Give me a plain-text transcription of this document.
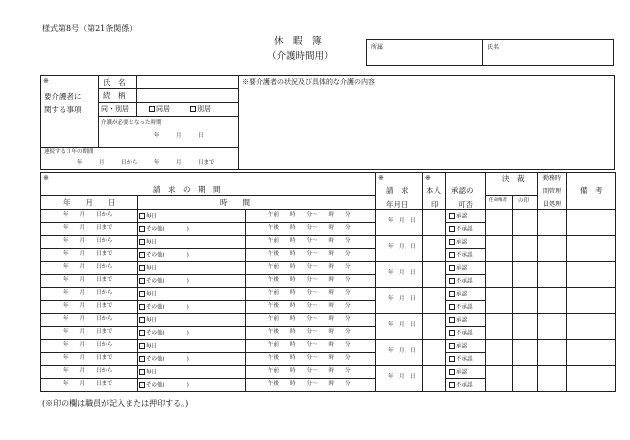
様式第8号（第21条関係）
休　暇　簿
（介護時間用）
所属	氏名
※
要介護者に
関する事項
氏　名
続　柄
同・別居	同居	別居
介護が必要となった時期
年　　　月　　　日
※要介護者の状況及び具体的な介護の内容
連続する３年の期間
年　　　月　　　日から　　　年　　　月　　　日まで
※
請　求　の　期　間			※
請　求
年月日	※
本人
印	承認の
可否	決　裁		勤務時
間管理
員処理	備　考

年　　月　　日	時　　間					任命権者	の印		

年　　月　　日から	毎日	午前　　時　　分～　　時　　分	年　月　日		承認				

年　　月　　日まで	その他(　　　　)	午後　　時　　分～　　時　　分			不承認				

年　　月　　日から	毎日	午前　　時　　分～　　時　　分	年　月　日		承認				

年　　月　　日まで	その他(　　　　)	午後　　時　　分～　　時　　分			不承認				

年　　月　　日から	毎日	午前　　時　　分～　　時　　分	年　月　日		承認				

年　　月　　日まで	その他(　　　　)	午後　　時　　分～　　時　　分			不承認				

年　　月　　日から	毎日	午前　　時　　分～　　時　　分	年　月　日		承認				

年　　月　　日まで	その他(　　　　)	午後　　時　　分～　　時　　分			不承認				

年　　月　　日から	毎日	午前　　時　　分～　　時　　分	年　月　日		承認				

年　　月　　日まで	その他(　　　　)	午後　　時　　分～　　時　　分			不承認				

年　　月　　日から	毎日	午前　　時　　分～　　時　　分	年　月　日		承認				

年　　月　　日まで	その他(　　　　)	午後　　時　　分～　　時　　分			不承認				

年　　月　　日から	毎日	午前　　時　　分～　　時　　分	年　月　日		承認				

年　　月　　日まで	その他(　　　　)	午後　　時　　分～　　時　　分			不承認				
(※印の欄は職員が記入または押印する。)
